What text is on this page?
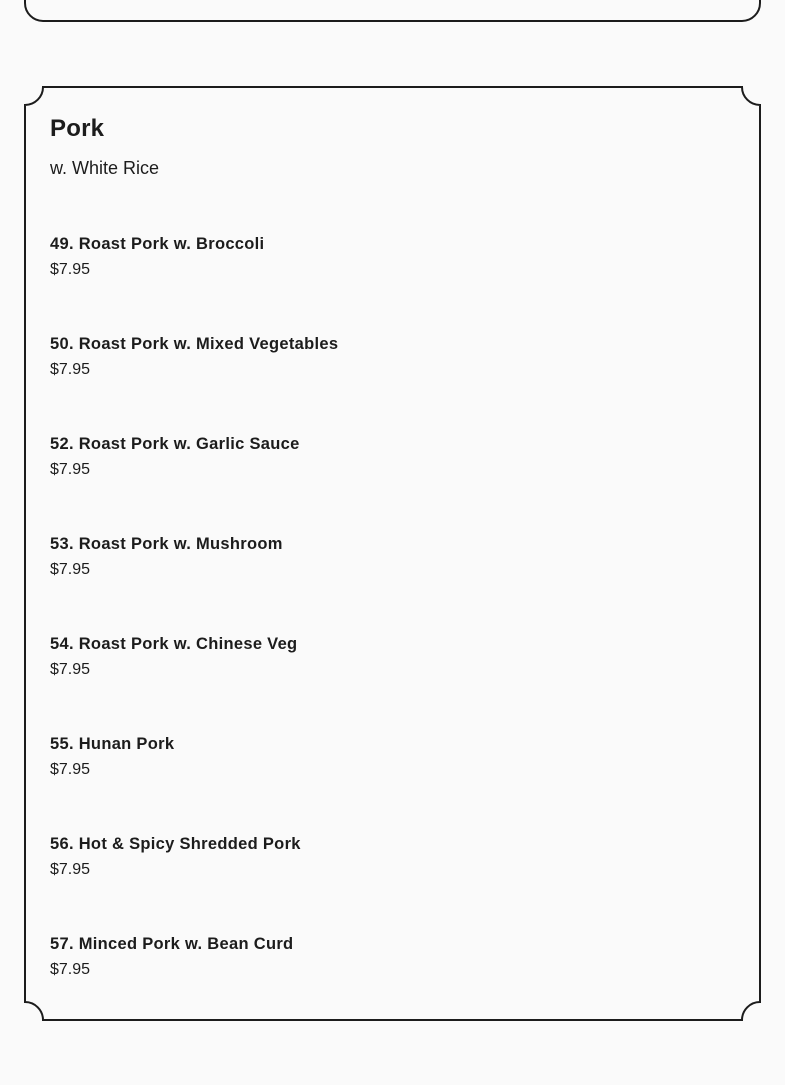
Pork

w. White Rice

49. Roast Pork w. Broccoli
$7.95
50. Roast Pork w. Mixed Vegetables
$7.95
52. Roast Pork w. Garlic Sauce
$7.95
53. Roast Pork w. Mushroom
$7.95
54. Roast Pork w. Chinese Veg
$7.95
55. Hunan Pork
$7.95
56. Hot & Spicy Shredded Pork
$7.95
57. Minced Pork w. Bean Curd
$7.95
